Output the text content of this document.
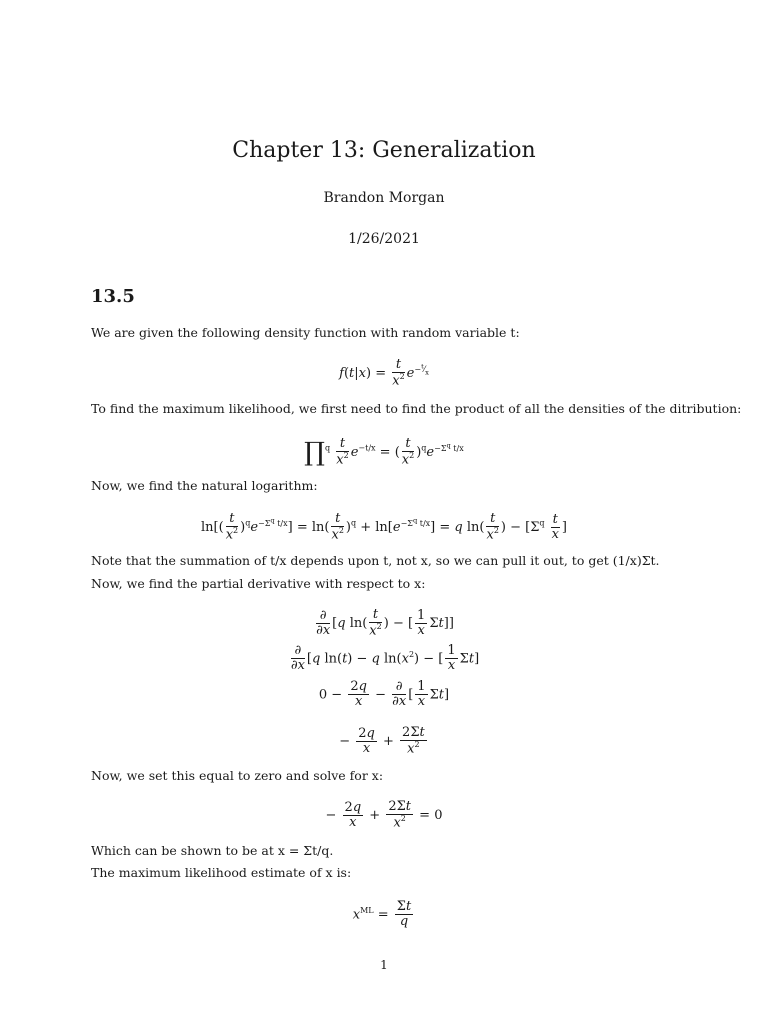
Chapter 13: Generalization
Brandon Morgan
1/26/2021
13.5
We are given the following density function with random variable t:
$f(t|x) = \frac{t}{x^2} e^{-^t⁄_x}$
To find the maximum likelihood, we first need to find the product of all the densities of the ditribution:
∏$^q$ $\frac{t}{x^2} e^{-t/x}$ = ( $\frac{t}{x^2} )^qe^{-\Sigma^q t/x}$
Now, we find the natural logarithm:
$\ln[( \frac{t}{x^2} )^qe^{-\Sigma^q t/x}] = \ln( \frac{t}{x^2} )^q + \ln[e^{-\Sigma^q t/x}] = q$ $\ln( \frac{t}{x^2}$ ) − [$\Sigma^q \frac{t}{x}$ ]
Note that the summation of t/x depends upon t, not x, so we can pull it out, to get (1/x)Σt.
Now, we find the partial derivative with respect to x:
$\frac{\partial}{\partial x} [q$ $\ln( \frac{t}{x^2}$ ) − [ $\frac{1}{x} \Sigma t$]]
$\frac{\partial}{\partial x} [q$ ln(t) − q $\ln(x^2)$ − [ $\frac{1}{x} \Sigma t$]
$0 - \frac{2q}{x} - \frac{\partial}{\partial x}$ [ $\frac{1}{x} \Sigma t$]
− $\frac{2q}{x} + \frac{2\Sigma t}{x^2}$
Now, we set this equal to zero and solve for x:
− $\frac{2q}{x} + \frac{2\Sigma t}{x^2} = 0$
Which can be shown to be at x = Σt/q.
The maximum likelihood estimate of x is:
$x^{ML} = \frac{\Sigma t}{q}$
1
